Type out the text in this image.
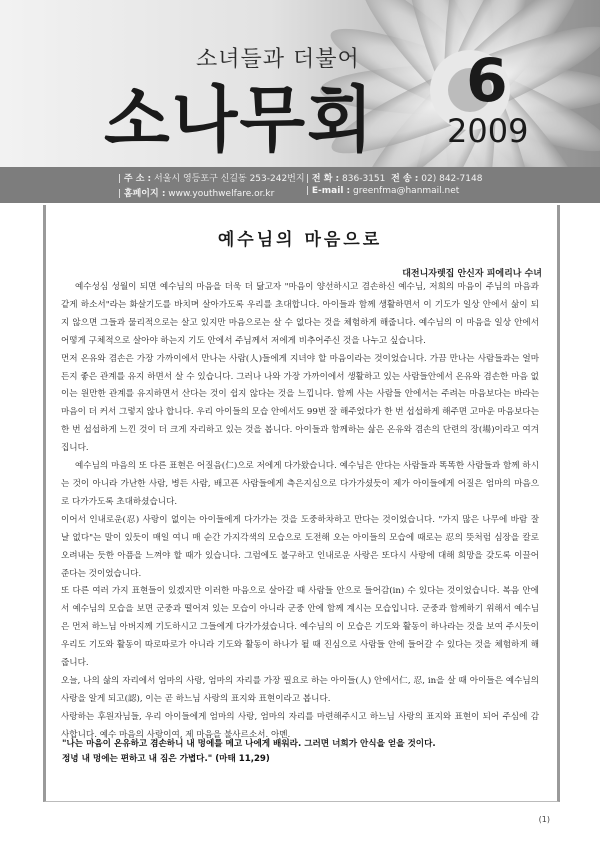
소녀들과 더불어
소나무회 6
2009
| 주 소 : 서울시 영등포구 신길동 253-242번지 | 전 화 : 836-3151 전 송 : 02) 842-7148
| 홈페이지 : www.youthwelfare.or.kr	| E-mail : greenfma@hanmail.net
예수님의 마음으로
대전니자렛집 안신자 피에리나 수녀

예수성심 성월이 되면 예수님의 마음을 더욱 더 닮고자 "마음이 양선하시고 겸손하신 예수님, 저희의 마음이 주님의 마음과 같게 하소서"라는 화살기도를 바치며 살아가도록 우리를 초대합니다. 아이들과 함께 생활하면서 이 기도가 일상 안에서 삶이 되지 않으면 그들과 물리적으로는 살고 있지만 마음으로는 살 수 없다는 것을 체험하게 해줍니다. 예수님의 이 마음을 일상 안에서 어떻게 구체적으로 살아야 하는지 기도 안에서 주님께서 저에게 비추어주신 것을 나누고 싶습니다.

먼저 온유와 겸손은 가장 가까이에서 만나는 사람(人)들에게 지녀야 할 마음이라는 것이었습니다. 가끔 만나는 사람들과는 얼마든지 좋은 관계를 유지 하면서 살 수 있습니다. 그러나 나와 가장 가까이에서 생활하고 있는 사람들안에서 온유와 겸손한 마음 없이는 원만한 관계를 유지하면서 산다는 것이 쉽지 않다는 것을 느낍니다. 함께 사는 사람들 안에서는 주려는 마음보다는 바라는 마음이 더 커서 그렇지 않나 합니다. 우리 아이들의 모습 안에서도 99번 잘 해주었다가 한 번 섭섭하게 해주면 고마운 마음보다는 한 번 섭섭하게 느낀 것이 더 크게 자리하고 있는 것을 봅니다. 아이들과 함께하는 삶은 온유와 겸손의 단련의 장(場)이라고 여겨집니다.

예수님의 마음의 또 다른 표현은 어질음(仁)으로 저에게 다가왔습니다. 예수님은 안다는 사람들과 똑똑한 사람들과 함께 하시는 것이 아니라 가난한 사람, 병든 사람, 배고픈 사람들에게 측은지심으로 다가가셨듯이 제가 아이들에게 어질은 엄마의 마음으로 다가가도록 초대하셨습니다.

이어서 인내로운(忍) 사랑이 없이는 아이들에게 다가가는 것을 도중하차하고 만다는 것이었습니다. "가지 많은 나무에 바람 잘 날 없다"는 말이 있듯이 매일 여니 매 순간 가지각색의 모습으로 도전해 오는 아이들의 모습에 때로는 忍의 뜻처럼 심장을 칼로 오려내는 듯한 아픔을 느껴야 할 때가 있습니다. 그럼에도 불구하고 인내로운 사랑은 또다시 사랑에 대해 희망을 갖도록 이끌어 준다는 것이었습니다.

또 다른 여러 가지 표현들이 있겠지만 이러한 마음으로 살아갈 때 사람들 안으로 들어감(in) 수 있다는 것이었습니다. 복음 안에서 예수님의 모습을 보면 군중과 떨어져 있는 모습이 아니라 군중 안에 함께 계시는 모습입니다. 군중과 함께하기 위해서 예수님은 먼저 하느님 아버지께 기도하시고 그들에게 다가가셨습니다. 예수님의 이 모습은 기도와 활동이 하나라는 것을 보여 주시듯이 우리도 기도와 활동이 따로따로가 아니라 기도와 활동이 하나가 될 때 진심으로 사람들 안에 들어갈 수 있다는 것을 체험하게 해줍니다.

오늘, 나의 삶의 자리에서 엄마의 사랑, 엄마의 자리를 가장 필요로 하는 아이들(人) 안에서仁, 忍, in을 살 때 아이들은 예수님의 사랑을 알게 되고(認), 이는 곧 하느님 사랑의 표지와 표현이라고 봅니다.

사랑하는 후원자님들, 우리 아이들에게 엄마의 사랑, 엄마의 자리를 마련해주시고 하느님 사랑의 표지와 표현이 되어 주심에 감사합니다. 예수 마음의 사랑이여, 제 마음을 불사르소서. 아멘.

"나는 마음이 온유하고 겸손하니 내 멍에를 메고 나에게 배워라. 그러면 너희가 안식을 얻을 것이다.
정녕 내 멍에는 편하고 내 짐은 가볍다." (마태 11,29)
(1)
